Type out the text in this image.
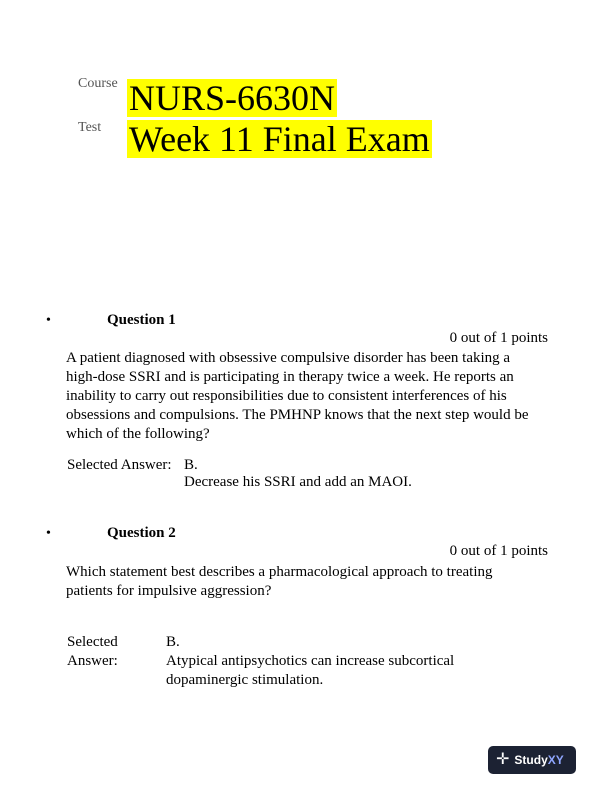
Course NURS-6630N
Test Week 11 Final Exam
•	Question 1
0 out of 1 points
A patient diagnosed with obsessive compulsive disorder has been taking a high-dose SSRI and is participating in therapy twice a week. He reports an inability to carry out responsibilities due to consistent interferences of his obsessions and compulsions. The PMHNP knows that the next step would be which of the following?
Selected Answer: B.
Decrease his SSRI and add an MAOI.
•	Question 2
0 out of 1 points
Which statement best describes a pharmacological approach to treating patients for impulsive aggression?
Selected
Answer:
B.
Atypical antipsychotics can increase subcortical dopaminergic stimulation.
✛ Study XY
